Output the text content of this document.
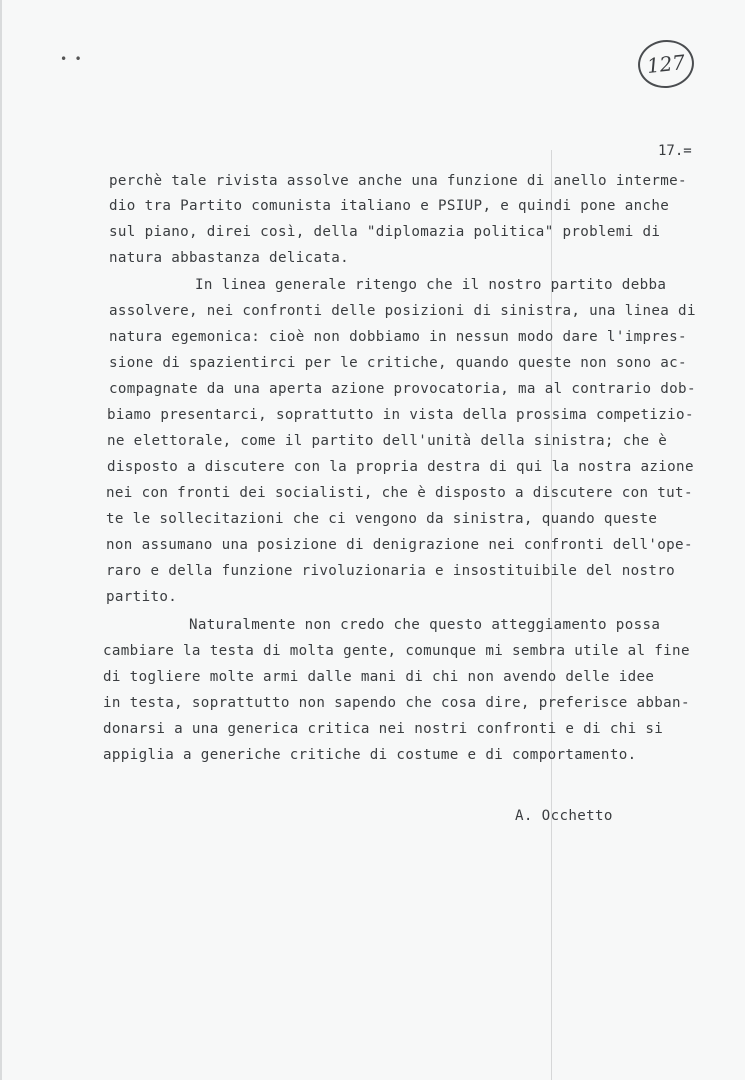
• •	127
17.=
perchè tale rivista assolve anche una funzione di anello interme-
dio tra Partito comunista italiano e PSIUP, e quindi pone anche
sul piano, direi così, della "diplomazia politica" problemi di
natura abbastanza delicata.
In linea generale ritengo che il nostro partito debba
assolvere, nei confronti delle posizioni di sinistra, una linea di
natura egemonica: cioè non dobbiamo in nessun modo dare l'impres-
sione di spazientirci per le critiche, quando queste non sono ac-
compagnate da una aperta azione provocatoria, ma al contrario dob-
biamo presentarci, soprattutto in vista della prossima competizio-
ne elettorale, come il partito dell'unità della sinistra; che è
disposto a discutere con la propria destra di qui la nostra azione
nei con fronti dei socialisti, che è disposto a discutere con tut-
te le sollecitazioni che ci vengono da sinistra, quando queste
non assumano una posizione di denigrazione nei confronti dell'ope-
raro e della funzione rivoluzionaria e insostituibile del nostro
partito.
Naturalmente non credo che questo atteggiamento possa
cambiare la testa di molta gente, comunque mi sembra utile al fine
di togliere molte armi dalle mani di chi non avendo delle idee
in testa, soprattutto non sapendo che cosa dire, preferisce abban-
donarsi a una generica critica nei nostri confronti e di chi si
appiglia a generiche critiche di costume e di comportamento.
A. Occhetto
